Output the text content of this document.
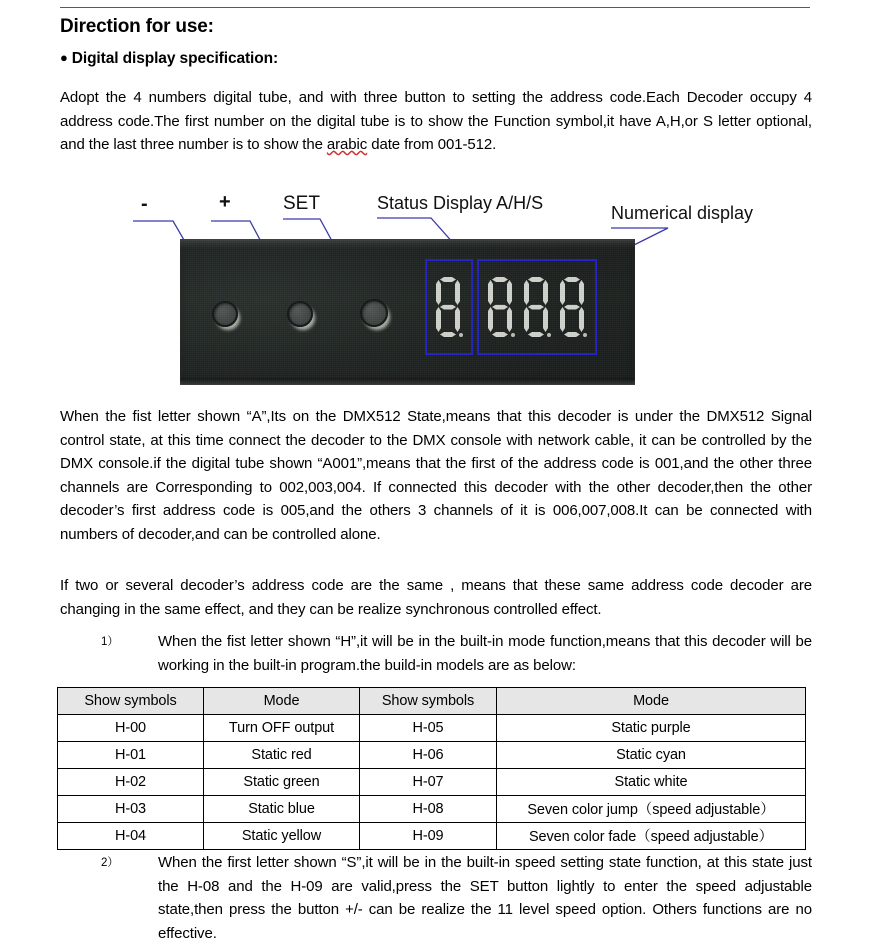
Direction for use:
● Digital display specification:
Adopt the 4 numbers digital tube, and with three button to setting the address code.Each Decoder occupy 4 address code.The first number on the digital tube is to show the Function symbol,it have A,H,or S letter optional, and the last three number is to show the arabic date from 001-512.
-	+	SET	Status Display A/H/S	Numerical display
When the fist letter shown “A”,Its on the DMX512 State,means that this decoder is under the DMX512 Signal control state, at this time connect the decoder to the DMX console with network cable, it can be controlled by the DMX console.if the digital tube shown “A001”,means that the first of the address code is 001,and the other three channels are Corresponding to 002,003,004. If connected this decoder with the other decoder,then the other decoder’s first address code is 005,and the others 3 channels of it is 006,007,008.It can be connected with numbers of decoder,and can be controlled alone.
If two or several decoder’s address code are the same , means that these same address code decoder are changing in the same effect, and they can be realize synchronous controlled effect.
1）	When the fist letter shown “H”,it will be in the built-in mode function,means that this decoder will be working in the built-in program.the build-in models are as below:
Show symbols	Mode	Show symbols	Mode
H-00	Turn OFF output	H-05	Static purple
H-01	Static red	H-06	Static cyan
H-02	Static green	H-07	Static white
H-03	Static blue	H-08	Seven color jump（speed adjustable）
H-04	Static yellow	H-09	Seven color fade（speed adjustable）
2）	When the first letter shown “S”,it will be in the built-in speed setting state function, at this state just the H-08 and the H-09 are valid,press the SET button lightly to enter the speed adjustable state,then press the button +/- can be realize the 11 level speed option. Others functions are no effective.
